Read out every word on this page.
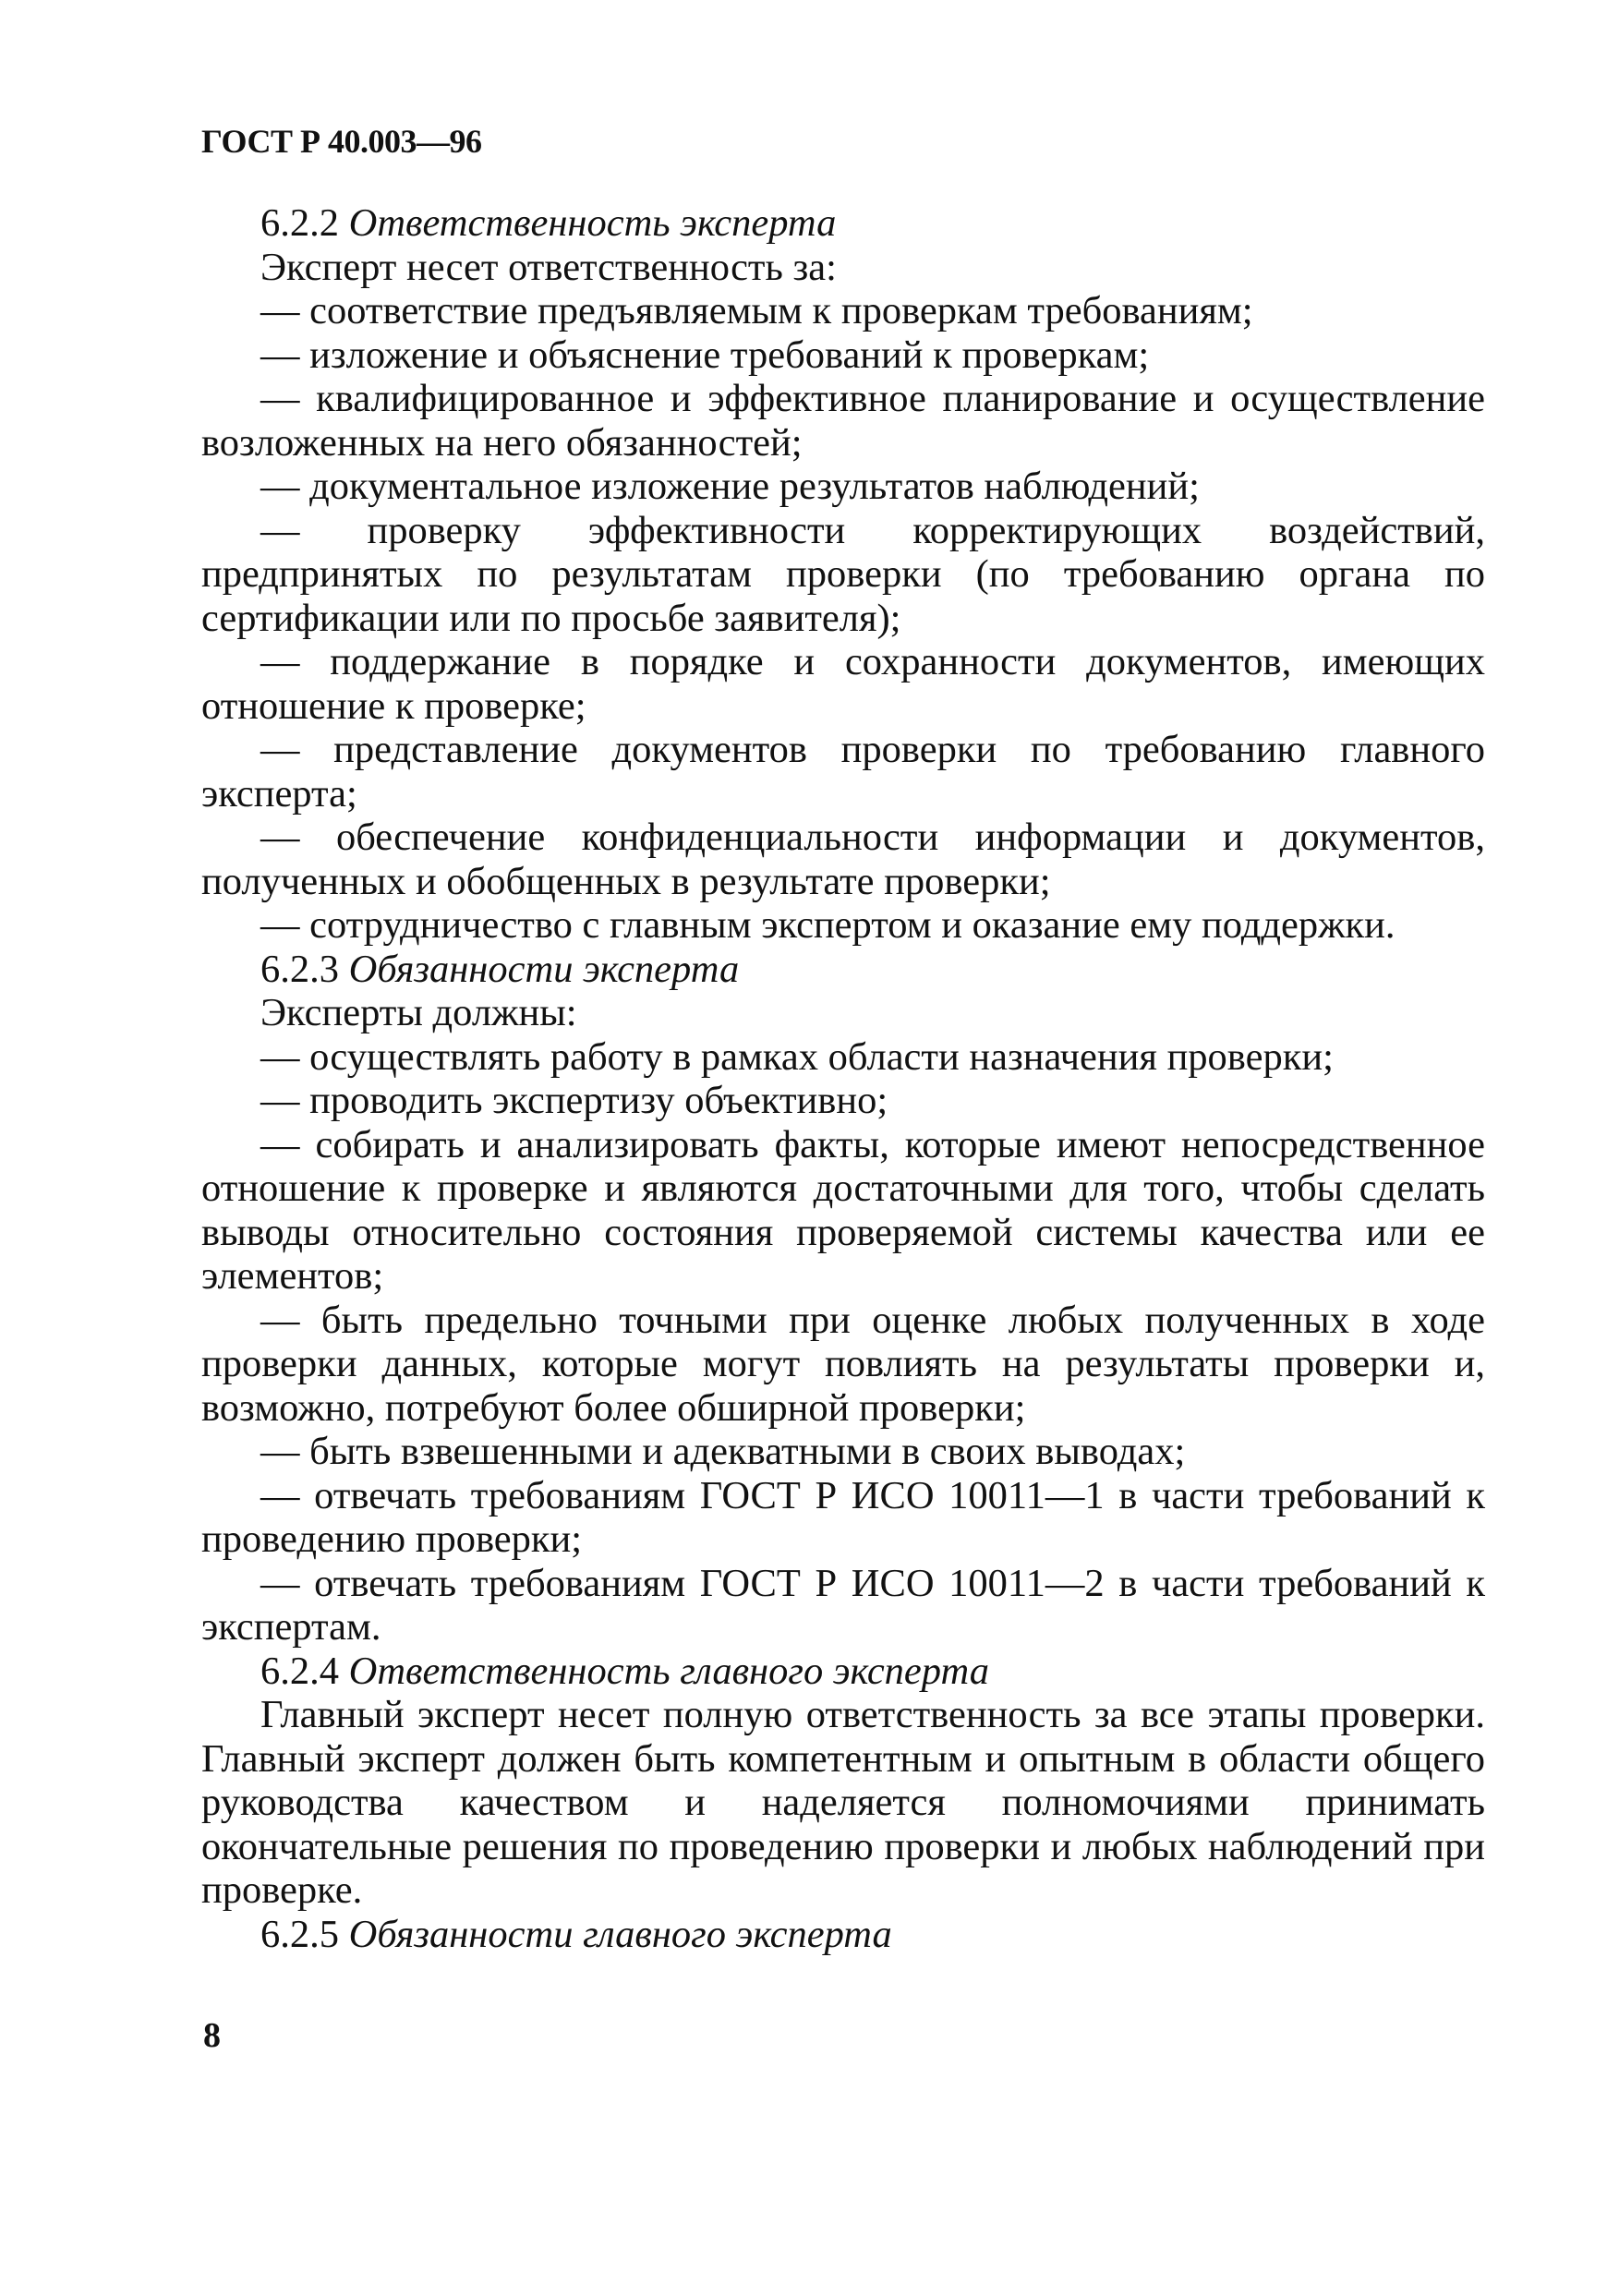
ГОСТ Р 40.003—96

6.2.2 Ответственность эксперта

Эксперт несет ответственность за:

— соответствие предъявляемым к проверкам требованиям;

— изложение и объяснение требований к проверкам;

— квалифицированное и эффективное планирование и осуществление возложенных на него обязанностей;

— документальное изложение результатов наблюдений;

— проверку эффективности корректирующих воздействий, предпринятых по результатам проверки (по требованию органа по сертификации или по просьбе заявителя);

— поддержание в порядке и сохранности документов, имеющих отношение к проверке;

— представление документов проверки по требованию главного эксперта;

— обеспечение конфиденциальности информации и документов, полученных и обобщенных в результате проверки;

— сотрудничество с главным экспертом и оказание ему поддержки.

6.2.3 Обязанности эксперта

Эксперты должны:

— осуществлять работу в рамках области назначения проверки;

— проводить экспертизу объективно;

— собирать и анализировать факты, которые имеют непосредственное отношение к проверке и являются достаточными для того, чтобы сделать выводы относительно состояния проверяемой системы качества или ее элементов;

— быть предельно точными при оценке любых полученных в ходе проверки данных, которые могут повлиять на результаты проверки и, возможно, потребуют более обширной проверки;

— быть взвешенными и адекватными в своих выводах;

— отвечать требованиям ГОСТ Р ИСО 10011—1 в части требований к проведению проверки;

— отвечать требованиям ГОСТ Р ИСО 10011—2 в части требований к экспертам.

6.2.4 Ответственность главного эксперта

Главный эксперт несет полную ответственность за все этапы проверки. Главный эксперт должен быть компетентным и опытным в области общего руководства качеством и наделяется полномочиями принимать окончательные решения по проведению проверки и любых наблюдений при проверке.

6.2.5 Обязанности главного эксперта

8
